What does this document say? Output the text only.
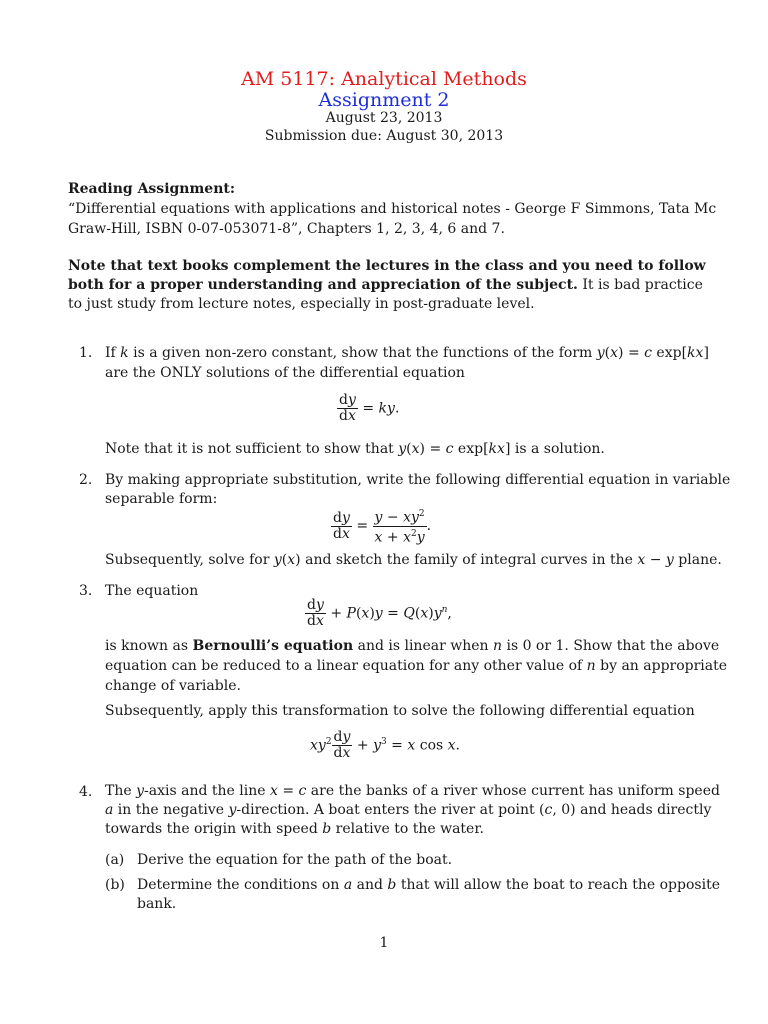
AM 5117: Analytical Methods
Assignment 2
August 23, 2013
Submission due: August 30, 2013
Reading Assignment:
“Differential equations with applications and historical notes - George F Simmons, Tata Mc
Graw-Hill, ISBN 0-07-053071-8”, Chapters 1, 2, 3, 4, 6 and 7.
Note that text books complement the lectures in the class and you need to follow
both for a proper understanding and appreciation of the subject. It is bad practice
to just study from lecture notes, especially in post-graduate level.
1. If k is a given non-zero constant, show that the functions of the form y(x) = c exp[kx]
are the ONLY solutions of the differential equation
$\frac{dy}{dx}$ = ky.
Note that it is not sufficient to show that y(x) = c exp[kx] is a solution.
2. By making appropriate substitution, write the following differential equation in variable
separable form:
$\frac{dy}{dx} = \frac{y - xy^2}{x + x^2y}$ .
Subsequently, solve for y(x) and sketch the family of integral curves in the x − y plane.
3. The equation
$\frac{dy}{dx} + P(x)y = Q(x)y^n$,
is known as Bernoulli’s equation and is linear when n is 0 or 1. Show that the above
equation can be reduced to a linear equation for any other value of n by an appropriate
change of variable.
Subsequently, apply this transformation to solve the following differential equation
$xy^2 \frac{dy}{dx} + y^3 = x$ cos x.
4. The y-axis and the line x = c are the banks of a river whose current has uniform speed
a in the negative y-direction. A boat enters the river at point (c, 0) and heads directly
towards the origin with speed b relative to the water.
(a) Derive the equation for the path of the boat.
(b) Determine the conditions on a and b that will allow the boat to reach the opposite
bank.
1
